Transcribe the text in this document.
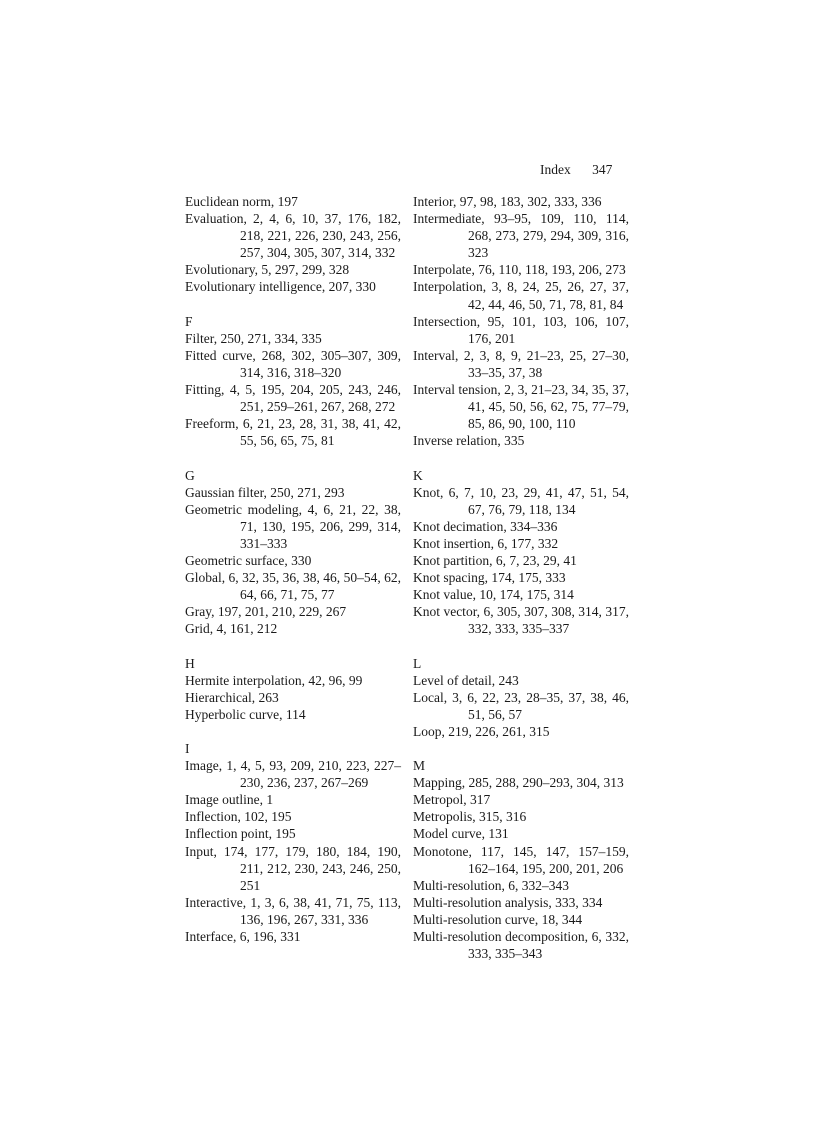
Index 347

Euclidean norm, 197

Evaluation, 2, 4, 6, 10, 37, 176, 182, 218, 221, 226, 230, 243, 256, 257, 304, 305, 307, 314, 332

Evolutionary, 5, 297, 299, 328

Evolutionary intelligence, 207, 330

F

Filter, 250, 271, 334, 335

Fitted curve, 268, 302, 305–307, 309, 314, 316, 318–320

Fitting, 4, 5, 195, 204, 205, 243, 246, 251, 259–261, 267, 268, 272

Freeform, 6, 21, 23, 28, 31, 38, 41, 42, 55, 56, 65, 75, 81

G

Gaussian filter, 250, 271, 293

Geometric modeling, 4, 6, 21, 22, 38, 71, 130, 195, 206, 299, 314, 331–333

Geometric surface, 330

Global, 6, 32, 35, 36, 38, 46, 50–54, 62, 64, 66, 71, 75, 77

Gray, 197, 201, 210, 229, 267

Grid, 4, 161, 212

H

Hermite interpolation, 42, 96, 99

Hierarchical, 263

Hyperbolic curve, 114

I

Image, 1, 4, 5, 93, 209, 210, 223, 227–230, 236, 237, 267–269

Image outline, 1

Inflection, 102, 195

Inflection point, 195

Input, 174, 177, 179, 180, 184, 190, 211, 212, 230, 243, 246, 250, 251

Interactive, 1, 3, 6, 38, 41, 71, 75, 113, 136, 196, 267, 331, 336

Interface, 6, 196, 331

Interior, 97, 98, 183, 302, 333, 336

Intermediate, 93–95, 109, 110, 114, 268, 273, 279, 294, 309, 316, 323

Interpolate, 76, 110, 118, 193, 206, 273

Interpolation, 3, 8, 24, 25, 26, 27, 37, 42, 44, 46, 50, 71, 78, 81, 84

Intersection, 95, 101, 103, 106, 107, 176, 201

Interval, 2, 3, 8, 9, 21–23, 25, 27–30, 33–35, 37, 38

Interval tension, 2, 3, 21–23, 34, 35, 37, 41, 45, 50, 56, 62, 75, 77–79, 85, 86, 90, 100, 110

Inverse relation, 335

K

Knot, 6, 7, 10, 23, 29, 41, 47, 51, 54, 67, 76, 79, 118, 134

Knot decimation, 334–336

Knot insertion, 6, 177, 332

Knot partition, 6, 7, 23, 29, 41

Knot spacing, 174, 175, 333

Knot value, 10, 174, 175, 314

Knot vector, 6, 305, 307, 308, 314, 317, 332, 333, 335–337

L

Level of detail, 243

Local, 3, 6, 22, 23, 28–35, 37, 38, 46, 51, 56, 57

Loop, 219, 226, 261, 315

M

Mapping, 285, 288, 290–293, 304, 313

Metropol, 317

Metropolis, 315, 316

Model curve, 131

Monotone, 117, 145, 147, 157–159, 162–164, 195, 200, 201, 206

Multi-resolution, 6, 332–343

Multi-resolution analysis, 333, 334

Multi-resolution curve, 18, 344

Multi-resolution decomposition, 6, 332, 333, 335–343
